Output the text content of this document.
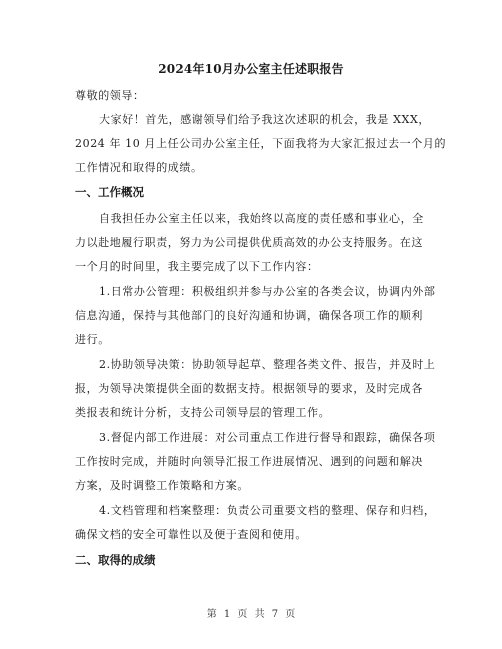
2024年10月办公室主任述职报告
尊敬的领导：
大家好！首先，感谢领导们给予我这次述职的机会，我是 XXX，
2024 年 10 月上任公司办公室主任，下面我将为大家汇报过去一个月的
工作情况和取得的成绩。
一、工作概况
自我担任办公室主任以来，我始终以高度的责任感和事业心，全
力以赴地履行职责，努力为公司提供优质高效的办公支持服务。在这
一个月的时间里，我主要完成了以下工作内容：
1.日常办公管理：积极组织并参与办公室的各类会议，协调内外部
信息沟通，保持与其他部门的良好沟通和协调，确保各项工作的顺利
进行。
2.协助领导决策：协助领导起草、整理各类文件、报告，并及时上
报，为领导决策提供全面的数据支持。根据领导的要求，及时完成各
类报表和统计分析，支持公司领导层的管理工作。
3.督促内部工作进展：对公司重点工作进行督导和跟踪，确保各项
工作按时完成，并随时向领导汇报工作进展情况、遇到的问题和解决
方案，及时调整工作策略和方案。
4.文档管理和档案整理：负责公司重要文档的整理、保存和归档，
确保文档的安全可靠性以及便于查阅和使用。
二、取得的成绩
第 1 页 共 7 页
